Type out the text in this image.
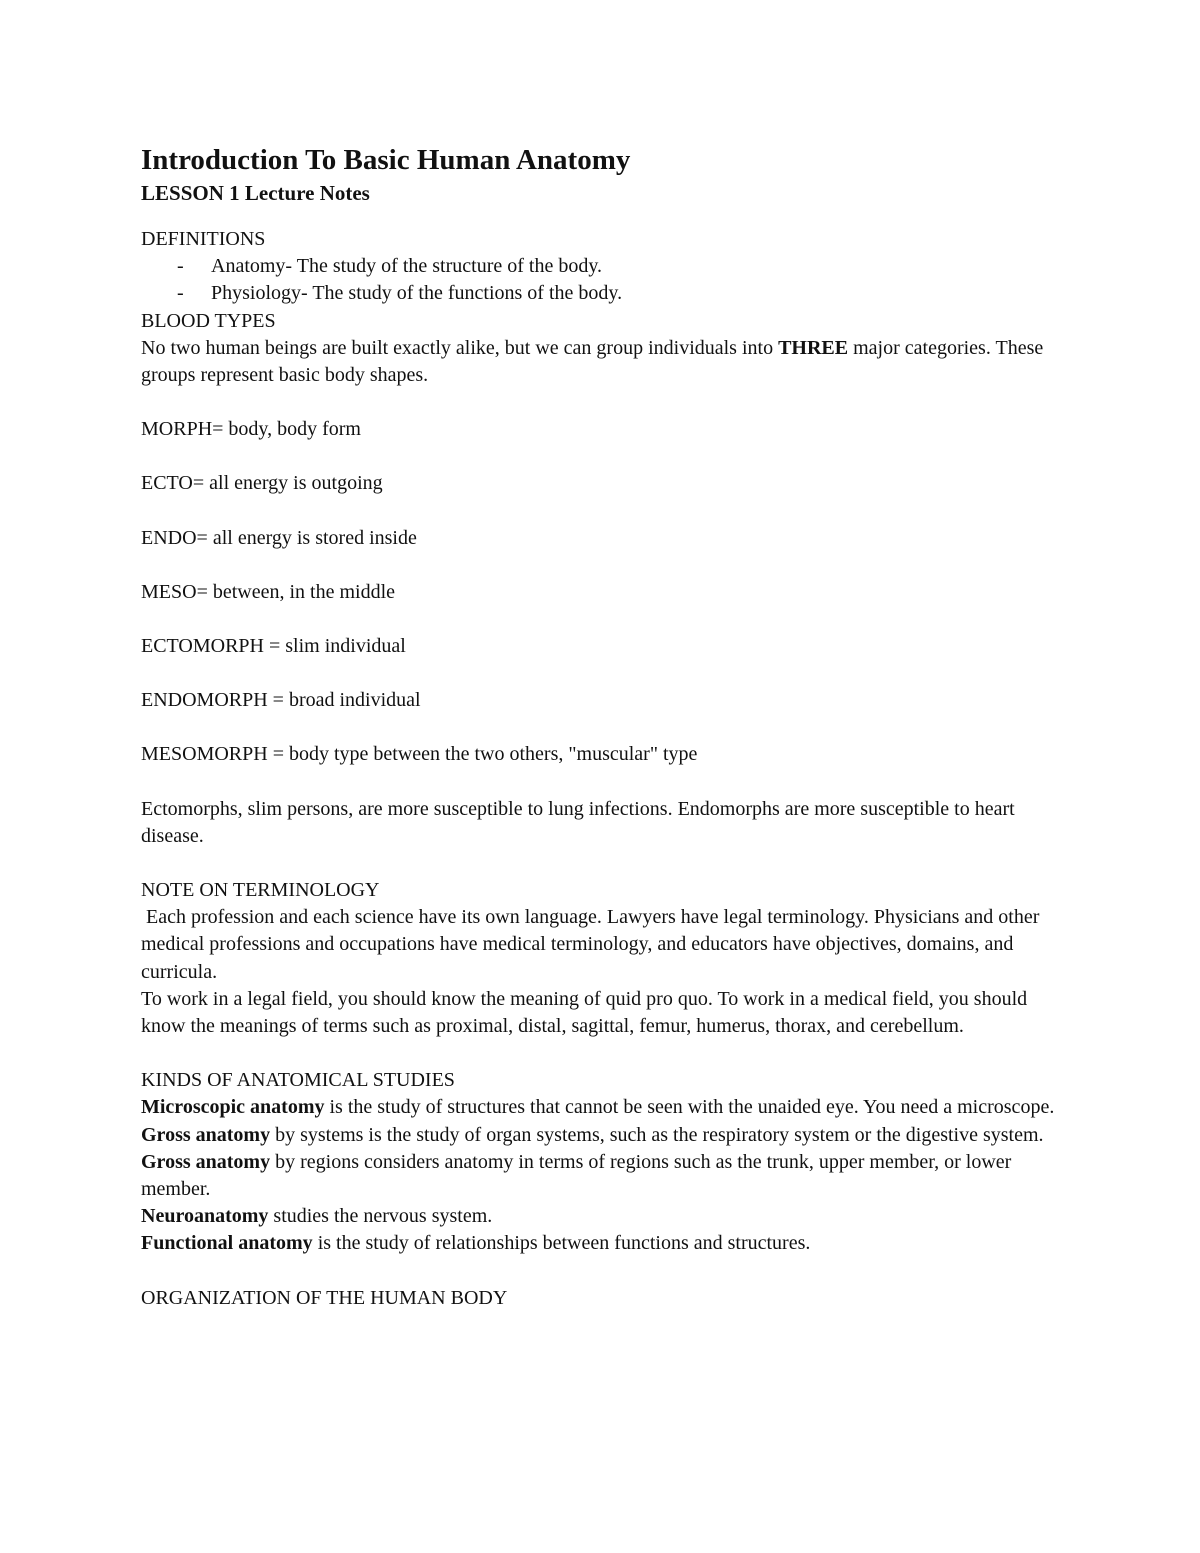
Introduction To Basic Human Anatomy
LESSON 1 Lecture Notes

DEFINITIONS

- Anatomy- The study of the structure of the body.
- Physiology- The study of the functions of the body.

BLOOD TYPES

No two human beings are built exactly alike, but we can group individuals into THREE major categories. These groups represent basic body shapes.

MORPH= body, body form

ECTO= all energy is outgoing

ENDO= all energy is stored inside

MESO= between, in the middle

ECTOMORPH = slim individual

ENDOMORPH = broad individual

MESOMORPH = body type between the two others, "muscular" type

Ectomorphs, slim persons, are more susceptible to lung infections. Endomorphs are more susceptible to heart disease.

NOTE ON TERMINOLOGY

Each profession and each science have its own language. Lawyers have legal terminology. Physicians and other medical professions and occupations have medical terminology, and educators have objectives, domains, and curricula.

To work in a legal field, you should know the meaning of quid pro quo. To work in a medical field, you should know the meanings of terms such as proximal, distal, sagittal, femur, humerus, thorax, and cerebellum.

KINDS OF ANATOMICAL STUDIES

Microscopic anatomy is the study of structures that cannot be seen with the unaided eye. You need a microscope.

Gross anatomy by systems is the study of organ systems, such as the respiratory system or the digestive system.

Gross anatomy by regions considers anatomy in terms of regions such as the trunk, upper member, or lower member.

Neuroanatomy studies the nervous system.

Functional anatomy is the study of relationships between functions and structures.

ORGANIZATION OF THE HUMAN BODY
